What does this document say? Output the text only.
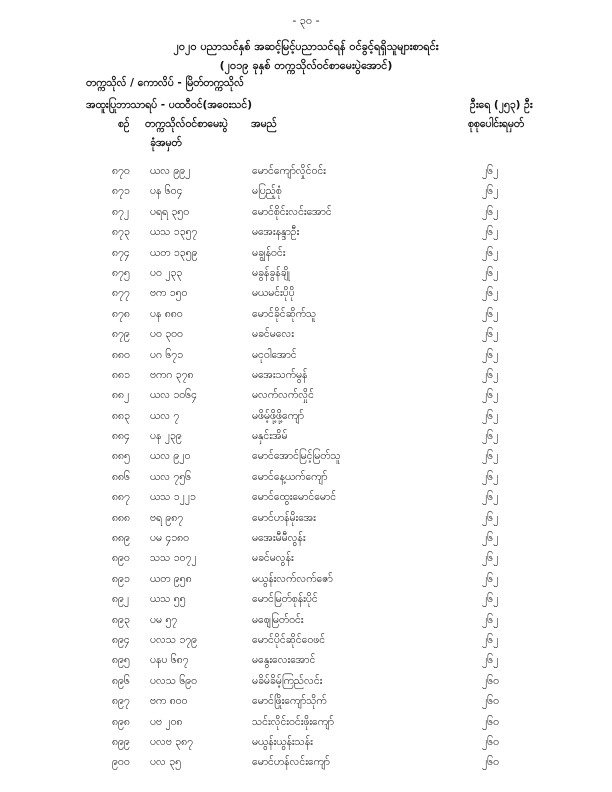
- ၃၀ -
၂၀၂၀ ပညာသင်နှစ် အဆင့်မြင့်ပညာသင်ရန် ဝင်ခွင့်ရရှိသူများစာရင်း
(၂၀၁၉ ခုနှစ် တက္ကသိုလ်ဝင်စာမေးပွဲအောင်)
တက္ကသိုလ် / ကောလိပ် - မြိတ်တက္ကသိုလ်
အထူးပြုဘာသာရပ် - ပထဝီဝင်(အဝေးသင်)	ဦးရေ (၂၅၃) ဦး
စဉ် တက္ကသိုလ်ဝင်စာမေးပွဲ အမည်	စုစုပေါင်းရမှတ်
ခုံအမှတ်
၈၇၀ ယလ ၉၉၂	မောင်ကျော်လှိုင်ဝင်း	၂၆၂
၈၇၁ ပန ၆၀၄	မပြည့်စုံ	၂၆၂
၈၇၂ ပရရ ၃၅၀	မောင်စိုင်းလင်းအောင်	၂၆၂
၈၇၃ ယသ ၁၃၅၇	မအေးနန္ဒာဦး	၂၆၂
၈၇၄ ယတ ၁၃၅၉	မချွန်ဝင်း	၂၆၂
၈၇၅ ပဝ ၂၃၃	မခွန်ခွန်ချို	၂၆၂
၈၇၇ ဗက ၁၅၀	မယမင်းပိုပို	၂၆၂
၈၇၈ ပန ၈၈၀	မောင်ခိုင်ဆိုက်သူ	၂၆၂
၈၇၉ ပဝ ၃၀၀	မခင်မလေး	၂၆၂
၈၈၀ ပဂ ၆၇၁	မငုဝါအောင်	၂၆၂
၈၈၁ ဗကဂ ၃၇၈	မအေးသက်မွန်	၂၆၂
၈၈၂ ယလ ၁၀၆၄	မလက်လက်လှိုင်	၂၆၂
၈၈၃ ယလ ၇	မဖိမ့်ဖို့ဖို့ကျော်	၂၆၂
၈၈၄ ပန ၂၃၉	မနှင်းအိမ်	၂၆၂
၈၈၅ ယလ ၉၂၀	မောင်အောင်မြင့်မြတ်သူ	၂၆၂
၈၈၆ ယလ ၇၅၆	မောင်နေ့ယက်ကျော်	၂၆၂
၈၈၇ ယသ ၁၂၂၁	မောင်ထွေးမောင်မောင်	၂၆၂
၈၈၈ ဗရ ၉၈၇	မောင်ဟန်မိုးအေး	၂၆၂
၈၈၉ ပမ ၄၁၈၀	မအေးမီမီလွန်း	၂၆၂
၈၉၀ သသ ၁၀၇၂	မခင်မလွန်း	၂၆၂
၈၉၁ ယတ ၉၅၈	မယွန်းလက်လက်ဇော်	၂၆၂
၈၉၂ ယသ ၅၅	မောင်မြတ်စုန်းပိုင်	၂၆၂
၈၉၃ ပမ ၅၇	မဈေမြတ်ဝင်း	၂၆၂
၈၉၄ ပလသ ၁၇၉	မောင်ပိုင်ဆိုင်ဝေဖင်	၂၆၂
၈၉၅ ပနပ ၆၈၇	မနွေးလေးအောင်	၂၆၂
၈၉၆ ပလသ ၆၉၀	မခိမ်ခိမ့်ကြည်လင်း	၂၆၀
၈၉၇ ဗက ၈၀၀	မောင်ဖြိုးကျော်သိုက်	၂၆၀
၈၉၈ ပဗ ၂၀၈	သင်းလိုင်းဝင်းဖိုးကျော်	၂၆၀
၈၉၉ ပလဗ ၃၈၇	မယွန်းယွန်းသန်း	၂၆၀
၉၀၀ ပလ ၃၅	မောင်ဟန်လင်းကျော်	၂၆၀
